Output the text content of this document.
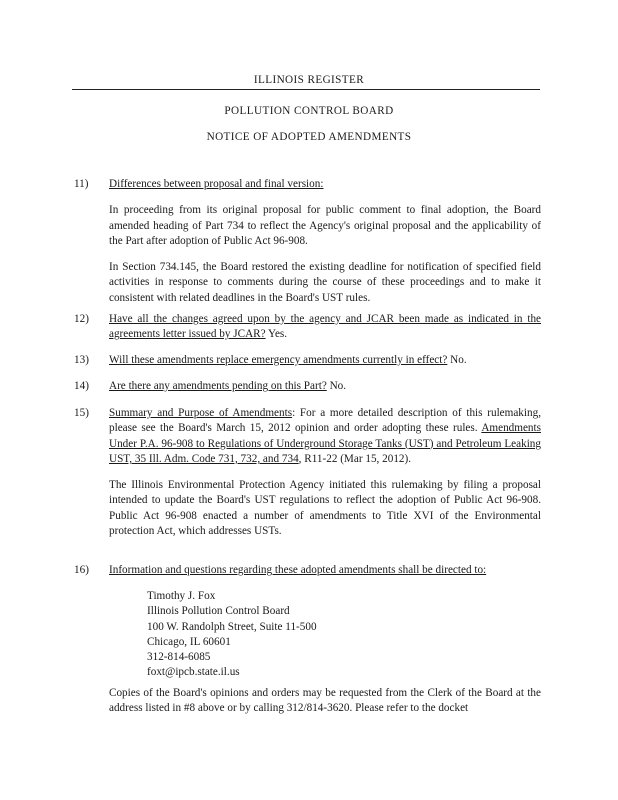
ILLINOIS REGISTER
POLLUTION CONTROL BOARD
NOTICE OF ADOPTED AMENDMENTS
11) Differences between proposal and final version:

In proceeding from its original proposal for public comment to final adoption, the Board amended heading of Part 734 to reflect the Agency's original proposal and the applicability of the Part after adoption of Public Act 96-908.

In Section 734.145, the Board restored the existing deadline for notification of specified field activities in response to comments during the course of these proceedings and to make it consistent with related deadlines in the Board's UST rules.

12) Have all the changes agreed upon by the agency and JCAR been made as indicated in the agreements letter issued by JCAR? Yes.

13) Will these amendments replace emergency amendments currently in effect? No.

14) Are there any amendments pending on this Part? No.

15) Summary and Purpose of Amendments: For a more detailed description of this rulemaking, please see the Board's March 15, 2012 opinion and order adopting these rules. Amendments Under P.A. 96-908 to Regulations of Underground Storage Tanks (UST) and Petroleum Leaking UST, 35 Ill. Adm. Code 731, 732, and 734, R11-22 (Mar 15, 2012).

The Illinois Environmental Protection Agency initiated this rulemaking by filing a proposal intended to update the Board's UST regulations to reflect the adoption of Public Act 96-908. Public Act 96-908 enacted a number of amendments to Title XVI of the Environmental protection Act, which addresses USTs.

16) Information and questions regarding these adopted amendments shall be directed to:

Timothy J. Fox
Illinois Pollution Control Board
100 W. Randolph Street, Suite 11-500
Chicago, IL 60601
312-814-6085
foxt@ipcb.state.il.us

Copies of the Board's opinions and orders may be requested from the Clerk of the Board at the address listed in #8 above or by calling 312/814-3620. Please refer to the docket
